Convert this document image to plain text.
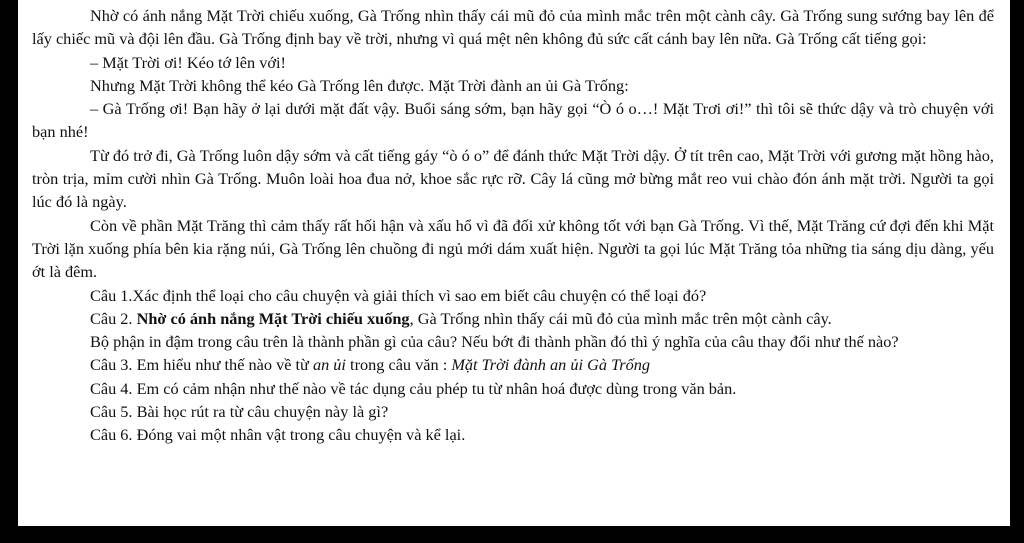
Nhờ có ánh nắng Mặt Trời chiếu xuống, Gà Trống nhìn thấy cái mũ đỏ của mình mắc trên một cành cây. Gà Trống sung sướng bay lên để lấy chiếc mũ và đội lên đầu. Gà Trống định bay về trời, nhưng vì quá mệt nên không đủ sức cất cánh bay lên nữa. Gà Trống cất tiếng gọi:

– Mặt Trời ơi! Kéo tớ lên với!

Nhưng Mặt Trời không thể kéo Gà Trống lên được. Mặt Trời đành an ủi Gà Trống:

– Gà Trống ơi! Bạn hãy ở lại dưới mặt đất vậy. Buổi sáng sớm, bạn hãy gọi “Ò ó o…! Mặt Trơi ơi!” thì tôi sẽ thức dậy và trò chuyện với bạn nhé!

Từ đó trở đi, Gà Trống luôn dậy sớm và cất tiếng gáy “ò ó o” để đánh thức Mặt Trời dậy. Ở tít trên cao, Mặt Trời với gương mặt hồng hào, tròn trịa, mỉm cười nhìn Gà Trống. Muôn loài hoa đua nở, khoe sắc rực rỡ. Cây lá cũng mở bừng mắt reo vui chào đón ánh mặt trời. Người ta gọi lúc đó là ngày.

Còn về phần Mặt Trăng thì cảm thấy rất hối hận và xấu hổ vì đã đối xử không tốt với bạn Gà Trống. Vì thế, Mặt Trăng cứ đợi đến khi Mặt Trời lặn xuống phía bên kia rặng núi, Gà Trống lên chuồng đi ngủ mới dám xuất hiện. Người ta gọi lúc Mặt Trăng tỏa những tia sáng dịu dàng, yếu ớt là đêm.

Câu 1.Xác định thể loại cho câu chuyện và giải thích vì sao em biết câu chuyện có thể loại đó?

Câu 2. Nhờ có ánh nắng Mặt Trời chiếu xuống, Gà Trống nhìn thấy cái mũ đỏ của mình mắc trên một cành cây.

Bộ phận in đậm trong câu trên là thành phần gì của câu? Nếu bớt đi thành phần đó thì ý nghĩa của câu thay đổi như thế nào?

Câu 3. Em hiểu như thế nào về từ an ủi trong câu văn : Mặt Trời đành an ủi Gà Trống

Câu 4. Em có cảm nhận như thế nào về tác dụng cảu phép tu từ nhân hoá được dùng trong văn bản.

Câu 5. Bài học rút ra từ câu chuyện này là gì?

Câu 6. Đóng vai một nhân vật trong câu chuyện và kể lại.
